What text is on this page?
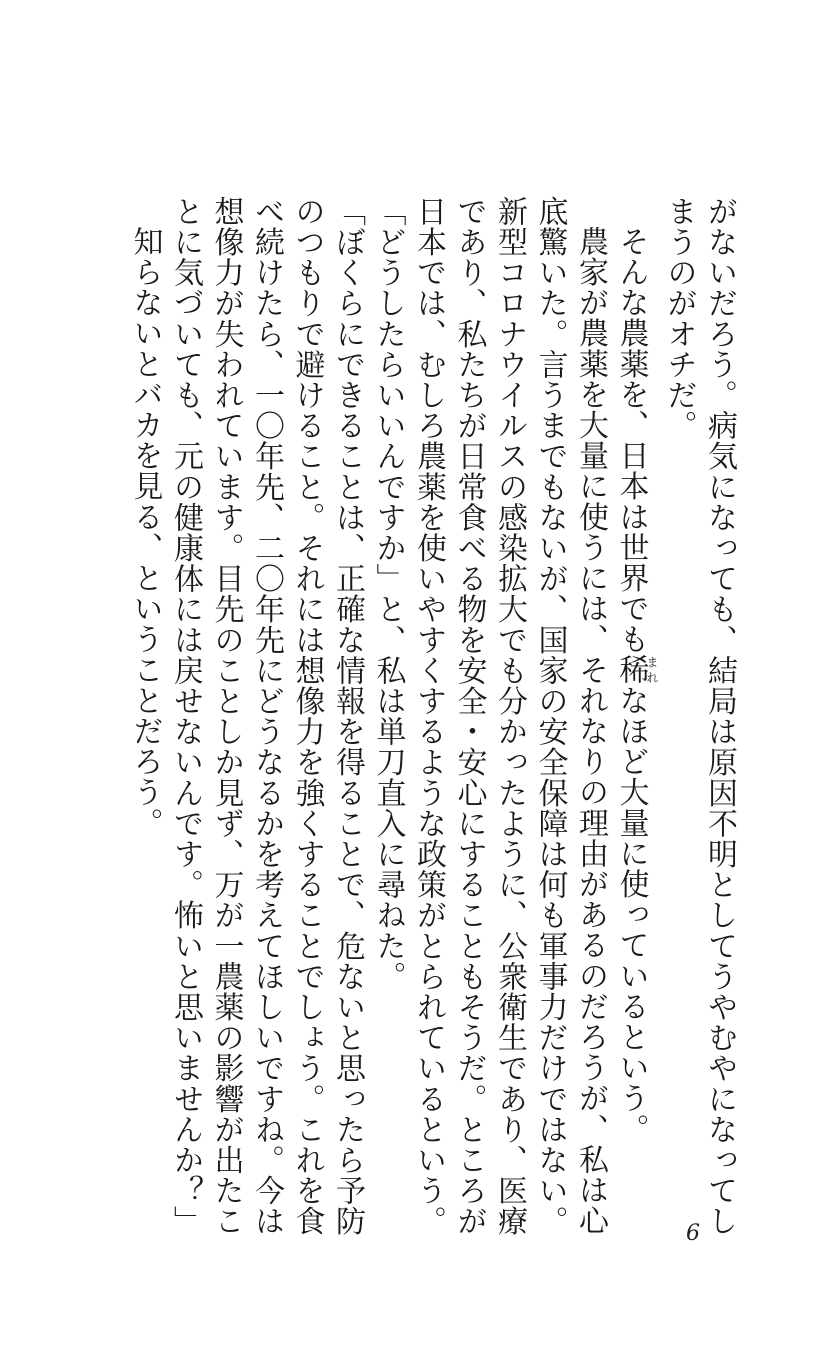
がないだろう。病気になっても、結局は原因不明としてうやむやになってしまうのがオチだ。

そんな農薬を、日本は世界でも稀まれなほど大量に使っているという。

農家が農薬を大量に使うには、それなりの理由があるのだろうが、私は心底驚いた。言うまでもないが、国家の安全保障は何も軍事力だけではない。新型コロナウイルスの感染拡大でも分かったように、公衆衛生であり、医療であり、私たちが日常食べる物を安全・安心にすることもそうだ。ところが日本では、むしろ農薬を使いやすくするような政策がとられているという。

「どうしたらいいんですか」と、私は単刀直入に尋ねた。

「ぼくらにできることは、正確な情報を得ることで、危ないと思ったら予防のつもりで避けること。それには想像力を強くすることでしょう。これを食べ続けたら、一〇年先、二〇年先にどうなるかを考えてほしいですね。今は想像力が失われています。目先のことしか見ず、万が一農薬の影響が出たことに気づいても、元の健康体には戻せないんです。怖いと思いませんか？」

知らないとバカを見る、ということだろう。

6
